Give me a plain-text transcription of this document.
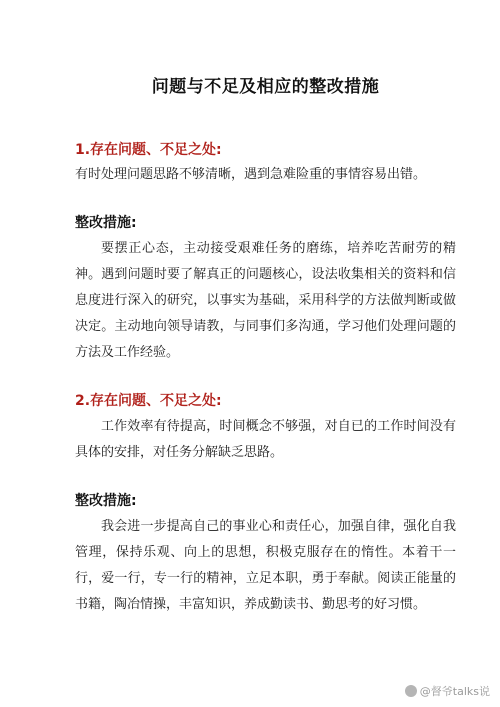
问题与不足及相应的整改措施
1.存在问题、不足之处:

有时处理问题思路不够清晰，遇到急难险重的事情容易出错。

整改措施:

要摆正心态，主动接受艰难任务的磨练，培养吃苦耐劳的精神。遇到问题时要了解真正的问题核心，设法收集相关的资料和信息度进行深入的研究，以事实为基础，采用科学的方法做判断或做决定。主动地向领导请教，与同事们多沟通，学习他们处理问题的方法及工作经验。

2.存在问题、不足之处:

工作效率有待提高，时间概念不够强，对自已的工作时间没有具体的安排，对任务分解缺乏思路。

整改措施:

我会进一步提高自己的事业心和责任心，加强自律，强化自我管理，保持乐观、向上的思想，积极克服存在的惰性。本着干一行，爱一行，专一行的精神，立足本职，勇于奉献。阅读正能量的书籍，陶冶情操，丰富知识，养成勤读书、勤思考的好习惯。

@督爷talks说
